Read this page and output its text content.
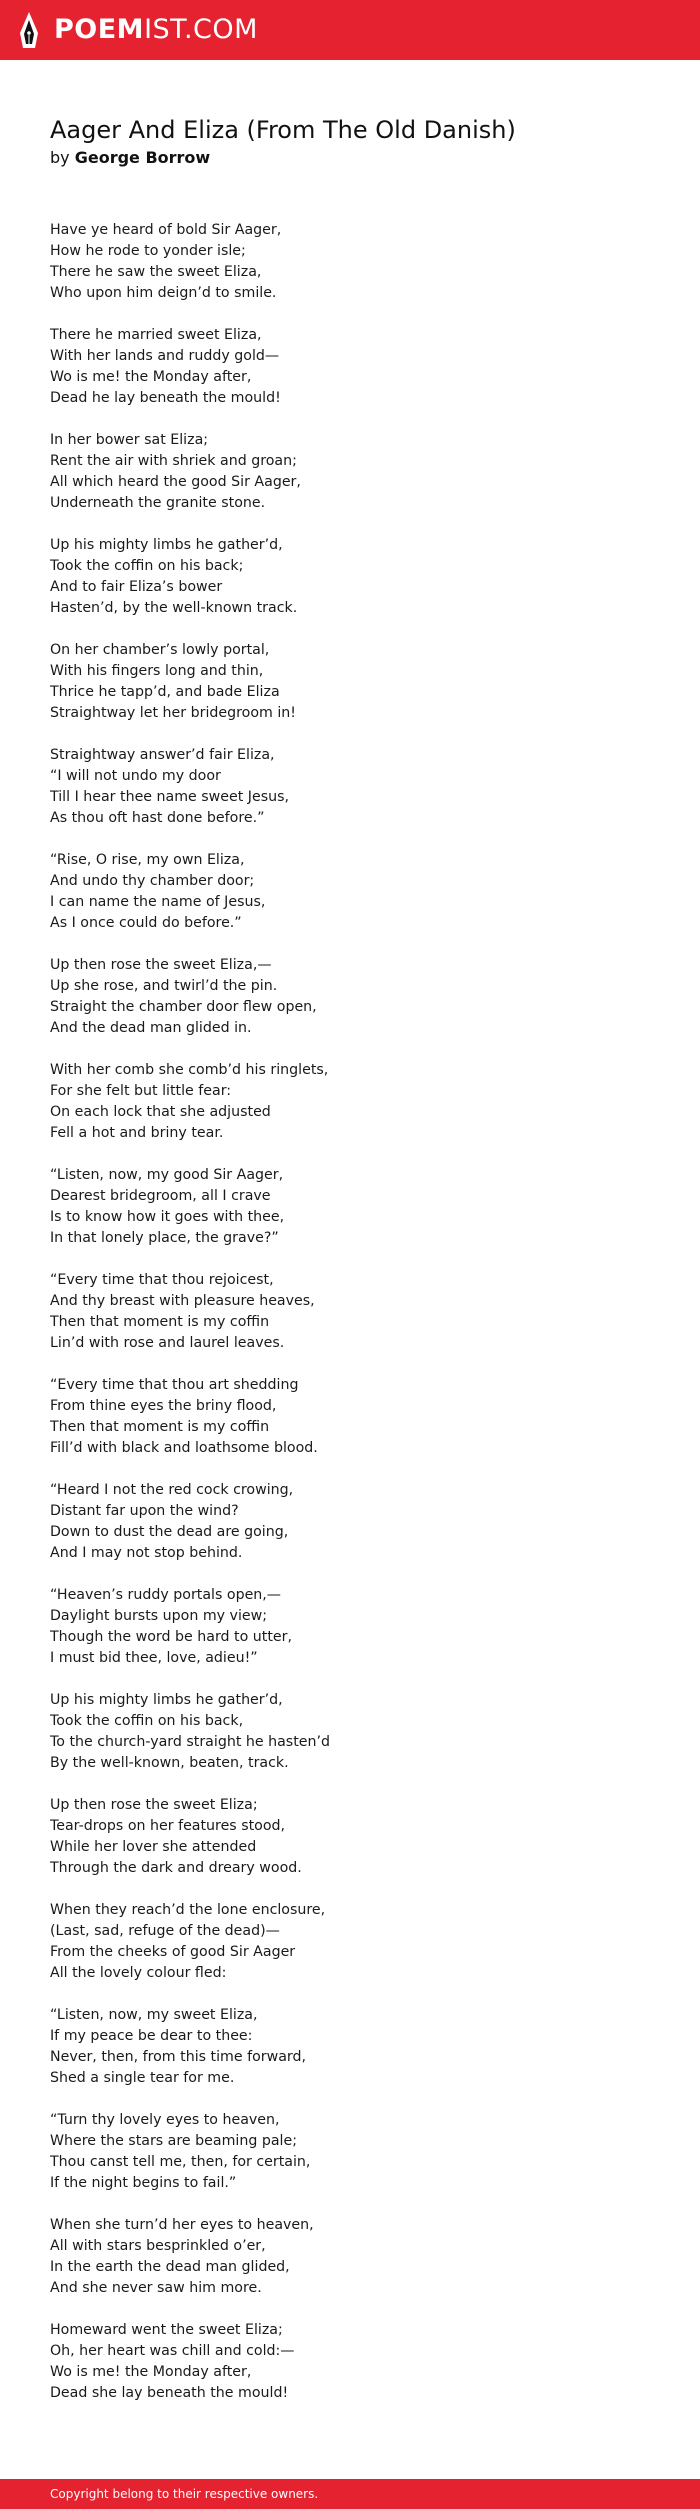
POEMIST.COM
Aager And Eliza (From The Old Danish)
by George Borrow
Have ye heard of bold Sir Aager,
How he rode to yonder isle;
There he saw the sweet Eliza,
Who upon him deign’d to smile.
There he married sweet Eliza,
With her lands and ruddy gold—
Wo is me! the Monday after,
Dead he lay beneath the mould!
In her bower sat Eliza;
Rent the air with shriek and groan;
All which heard the good Sir Aager,
Underneath the granite stone.
Up his mighty limbs he gather’d,
Took the coffin on his back;
And to fair Eliza’s bower
Hasten’d, by the well-known track.
On her chamber’s lowly portal,
With his fingers long and thin,
Thrice he tapp’d, and bade Eliza
Straightway let her bridegroom in!
Straightway answer’d fair Eliza,
“I will not undo my door
Till I hear thee name sweet Jesus,
As thou oft hast done before.”
“Rise, O rise, my own Eliza,
And undo thy chamber door;
I can name the name of Jesus,
As I once could do before.”
Up then rose the sweet Eliza,—
Up she rose, and twirl’d the pin.
Straight the chamber door flew open,
And the dead man glided in.
With her comb she comb’d his ringlets,
For she felt but little fear:
On each lock that she adjusted
Fell a hot and briny tear.
“Listen, now, my good Sir Aager,
Dearest bridegroom, all I crave
Is to know how it goes with thee,
In that lonely place, the grave?”
“Every time that thou rejoicest,
And thy breast with pleasure heaves,
Then that moment is my coffin
Lin’d with rose and laurel leaves.
“Every time that thou art shedding
From thine eyes the briny flood,
Then that moment is my coffin
Fill’d with black and loathsome blood.
“Heard I not the red cock crowing,
Distant far upon the wind?
Down to dust the dead are going,
And I may not stop behind.
“Heaven’s ruddy portals open,—
Daylight bursts upon my view;
Though the word be hard to utter,
I must bid thee, love, adieu!”
Up his mighty limbs he gather’d,
Took the coffin on his back,
To the church-yard straight he hasten’d
By the well-known, beaten, track.
Up then rose the sweet Eliza;
Tear-drops on her features stood,
While her lover she attended
Through the dark and dreary wood.
When they reach’d the lone enclosure,
(Last, sad, refuge of the dead)—
From the cheeks of good Sir Aager
All the lovely colour fled:
“Listen, now, my sweet Eliza,
If my peace be dear to thee:
Never, then, from this time forward,
Shed a single tear for me.
“Turn thy lovely eyes to heaven,
Where the stars are beaming pale;
Thou canst tell me, then, for certain,
If the night begins to fail.”
When she turn’d her eyes to heaven,
All with stars besprinkled o’er,
In the earth the dead man glided,
And she never saw him more.
Homeward went the sweet Eliza;
Oh, her heart was chill and cold:—
Wo is me! the Monday after,
Dead she lay beneath the mould!
Copyright belong to their respective owners.
